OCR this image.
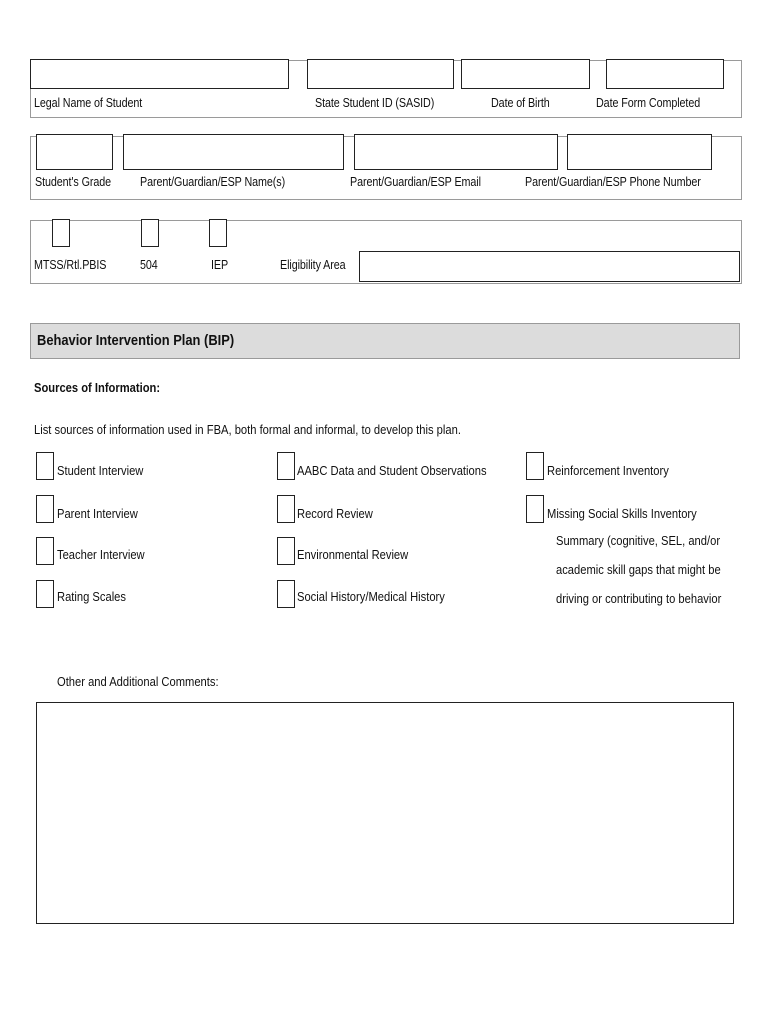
Legal Name of Student	State Student ID (SASID)	Date of Birth	Date Form Completed
Student's Grade Parent/Guardian/ESP Name(s)	Parent/Guardian/ESP Email	Parent/Guardian/ESP Phone Number
MTSS/Rtl.PBIS	504	IEP	Eligibility Area
Behavior Intervention Plan (BIP)
Sources of Information:
List sources of information used in FBA, both formal and informal, to develop this plan.
Student Interview
Parent Interview
Teacher Interview
Rating Scales
AABC Data and Student Observations
Record Review
Environmental Review
Social History/Medical History
Reinforcement Inventory
Missing Social Skills Inventory
Summary (cognitive, SEL, and/or
academic skill gaps that might be
driving or contributing to behavior
Other and Additional Comments:
